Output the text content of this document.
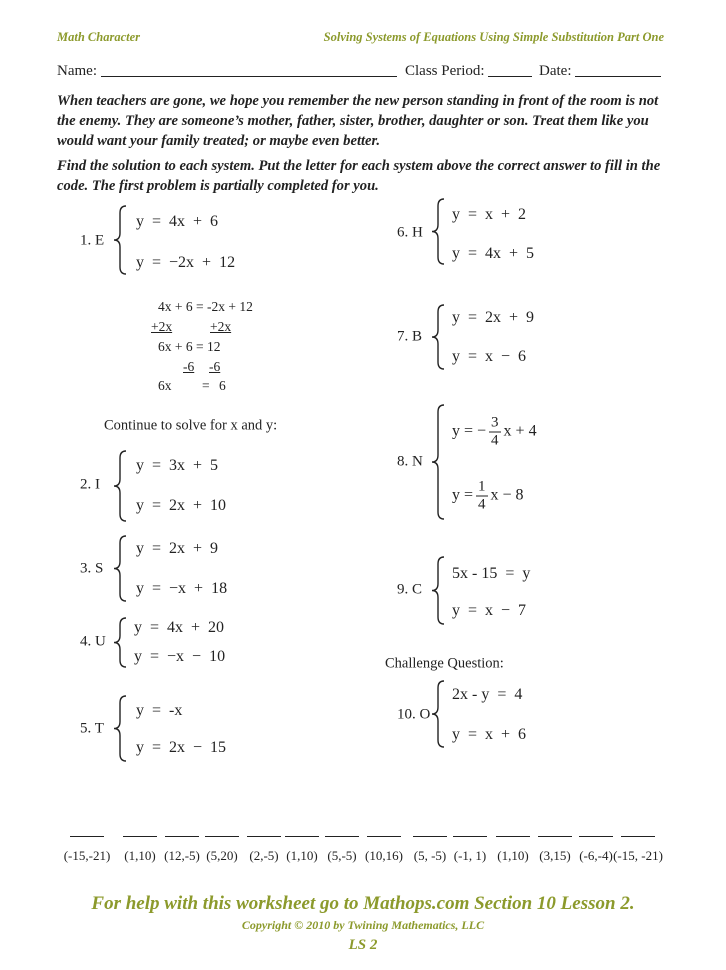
Math Character	Solving Systems of Equations Using Simple Substitution Part One
Name:	Class Period:	Date:
When teachers are gone, we hope you remember the new person standing in front of the room is not the enemy. They are someone’s mother, father, sister, brother, daughter or son. Treat them like you would want your family treated; or maybe even better.
Find the solution to each system. Put the letter for each system above the correct answer to fill in the code. The first problem is partially completed for you.
1. E
y  =  4x  +  6
y  =  −2x  +  12
2. I
y  =  3x  +  5
y  =  2x  +  10
3. S
y  =  2x  +  9
y  =  −x  +  18
4. U
y  =  4x  +  20
y  =  −x  −  10
5. T
y  =  -x
y  =  2x  −  15
6. H
y  =  x  +  2
y  =  4x  +  5
7. B
y  =  2x  +  9
y  =  x  −  6
8. N
9. C
5x - 15  =  y
y  =  x  −  7
10. O
2x - y  =  4
y  =  x  +  6
y = − $\frac{3}{4}$ x + 4
$y = \frac{1}{4}$ x − 8
4x + 6 = -2x + 12
+2x	+2x
6x + 6 = 12
-6 -6
6x = 6
Continue to solve for x and y:
Challenge Question:
(-15,-21) (1,10) (12,-5) (5,20) (2,-5) (1,10) (5,-5) (10,16) (5, -5) (-1, 1) (1,10) (3,15) (-6,-4) (-15, -21)
For help with this worksheet go to Mathops.com Section 10 Lesson 2.
Copyright © 2010 by Twining Mathematics, LLC
LS 2
